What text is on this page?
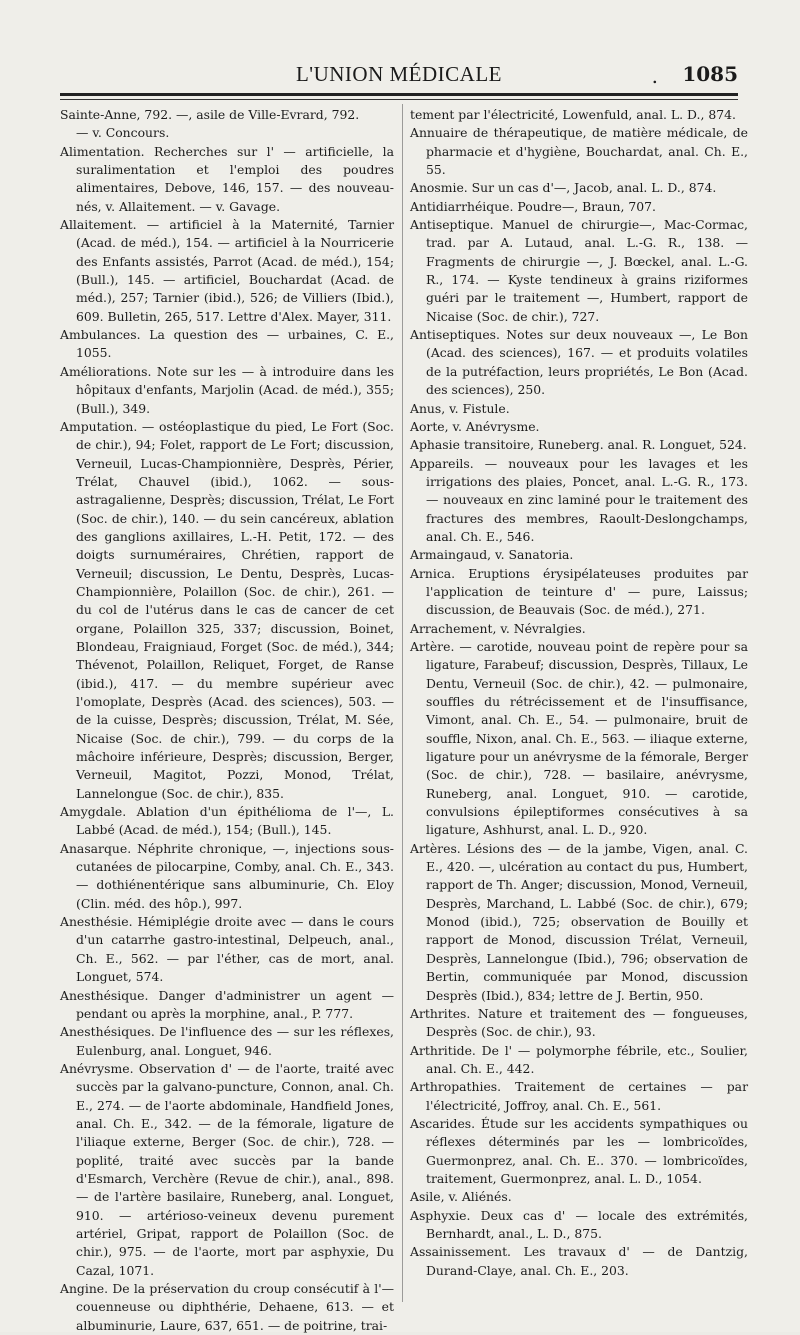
L'UNION MÉDICALE	. 1085
Sainte-Anne, 792. —, asile de Ville-Evrard, 792.
— v. Concours.
Alimentation. Recherches sur l' — artificielle, la suralimentation et l'emploi des poudres alimentaires, Debove, 146, 157. — des nouveau-nés, v. Allaitement. — v. Gavage.
Allaitement. — artificiel à la Maternité, Tarnier (Acad. de méd.), 154. — artificiel à la Nourricerie des Enfants assistés, Parrot (Acad. de méd.), 154; (Bull.), 145. — artificiel, Bouchardat (Acad. de méd.), 257; Tarnier (ibid.), 526; de Villiers (Ibid.), 609. Bulletin, 265, 517. Lettre d'Alex. Mayer, 311.
Ambulances. La question des — urbaines, C. E., 1055.
Améliorations. Note sur les — à introduire dans les hôpitaux d'enfants, Marjolin (Acad. de méd.), 355; (Bull.), 349.
Amputation. — ostéoplastique du pied, Le Fort (Soc. de chir.), 94; Folet, rapport de Le Fort; discussion, Verneuil, Lucas-Championnière, Desprès, Périer, Trélat, Chauvel (ibid.), 1062. — sous-astragalienne, Desprès; discussion, Trélat, Le Fort (Soc. de chir.), 140. — du sein cancéreux, ablation des ganglions axillaires, L.-H. Petit, 172. — des doigts surnuméraires, Chrétien, rapport de Verneuil; discussion, Le Dentu, Desprès, Lucas-Championnière, Polaillon (Soc. de chir.), 261. — du col de l'utérus dans le cas de cancer de cet organe, Polaillon 325, 337; discussion, Boinet, Blondeau, Fraigniaud, Forget (Soc. de méd.), 344; Thévenot, Polaillon, Reliquet, Forget, de Ranse (ibid.), 417. — du membre supérieur avec l'omoplate, Desprès (Acad. des sciences), 503. — de la cuisse, Desprès; discussion, Trélat, M. Sée, Nicaise (Soc. de chir.), 799. — du corps de la mâchoire inférieure, Desprès; discussion, Berger, Verneuil, Magitot, Pozzi, Monod, Trélat, Lannelongue (Soc. de chir.), 835.
Amygdale. Ablation d'un épithélioma de l'—, L. Labbé (Acad. de méd.), 154; (Bull.), 145.
Anasarque. Néphrite chronique, —, injections sous-cutanées de pilocarpine, Comby, anal. Ch. E., 343. — dothiénentérique sans albuminurie, Ch. Eloy (Clin. méd. des hôp.), 997.
Anesthésie. Hémiplégie droite avec — dans le cours d'un catarrhe gastro-intestinal, Delpeuch, anal., Ch. E., 562. — par l'éther, cas de mort, anal. Longuet, 574.
Anesthésique. Danger d'administrer un agent — pendant ou après la morphine, anal., P. 777.
Anesthésiques. De l'influence des — sur les réflexes, Eulenburg, anal. Longuet, 946.
Anévrysme. Observation d' — de l'aorte, traité avec succès par la galvano-puncture, Connon, anal. Ch. E., 274. — de l'aorte abdominale, Handfield Jones, anal. Ch. E., 342. — de la fémorale, ligature de l'iliaque externe, Berger (Soc. de chir.), 728. — poplité, traité avec succès par la bande d'Esmarch, Verchère (Revue de chir.), anal., 898. — de l'artère basilaire, Runeberg, anal. Longuet, 910. — artérioso-veineux devenu purement artériel, Gripat, rapport de Polaillon (Soc. de chir.), 975. — de l'aorte, mort par asphyxie, Du Cazal, 1071.
Angine. De la préservation du croup consécutif à l'—couenneuse ou diphthérie, Dehaene, 613. — et albuminurie, Laure, 637, 651. — de poitrine, trai-
tement par l'électricité, Lowenfuld, anal. L. D., 874.
Annuaire de thérapeutique, de matière médicale, de pharmacie et d'hygiène, Bouchardat, anal. Ch. E., 55.
Anosmie. Sur un cas d'—, Jacob, anal. L. D., 874.
Antidiarrhéique. Poudre—, Braun, 707.
Antiseptique. Manuel de chirurgie—, Mac-Cormac, trad. par A. Lutaud, anal. L.-G. R., 138. — Fragments de chirurgie —, J. Bœckel, anal. L.-G. R., 174. — Kyste tendineux à grains riziformes guéri par le traitement —, Humbert, rapport de Nicaise (Soc. de chir.), 727.
Antiseptiques. Notes sur deux nouveaux —, Le Bon (Acad. des sciences), 167. — et produits volatiles de la putréfaction, leurs propriétés, Le Bon (Acad. des sciences), 250.
Anus, v. Fistule.
Aorte, v. Anévrysme.
Aphasie transitoire, Runeberg. anal. R. Longuet, 524.
Appareils. — nouveaux pour les lavages et les irrigations des plaies, Poncet, anal. L.-G. R., 173. — nouveaux en zinc laminé pour le traitement des fractures des membres, Raoult-Deslongchamps, anal. Ch. E., 546.
Armaingaud, v. Sanatoria.
Arnica. Eruptions érysipélateuses produites par l'application de teinture d' — pure, Laissus; discussion, de Beauvais (Soc. de méd.), 271.
Arrachement, v. Névralgies.
Artère. — carotide, nouveau point de repère pour sa ligature, Farabeuf; discussion, Desprès, Tillaux, Le Dentu, Verneuil (Soc. de chir.), 42. — pulmonaire, souffles du rétrécissement et de l'insuffisance, Vimont, anal. Ch. E., 54. — pulmonaire, bruit de souffle, Nixon, anal. Ch. E., 563. — iliaque externe, ligature pour un anévrysme de la fémorale, Berger (Soc. de chir.), 728. — basilaire, anévrysme, Runeberg, anal. Longuet, 910. — carotide, convulsions épileptiformes consécutives à sa ligature, Ashhurst, anal. L. D., 920.
Artères. Lésions des — de la jambe, Vigen, anal. C. E., 420. —, ulcération au contact du pus, Humbert, rapport de Th. Anger; discussion, Monod, Verneuil, Desprès, Marchand, L. Labbé (Soc. de chir.), 679; Monod (ibid.), 725; observation de Bouilly et rapport de Monod, discussion Trélat, Verneuil, Desprès, Lannelongue (Ibid.), 796; observation de Bertin, communiquée par Monod, discussion Desprès (Ibid.), 834; lettre de J. Bertin, 950.
Arthrites. Nature et traitement des — fongueuses, Desprès (Soc. de chir.), 93.
Arthritide. De l' — polymorphe fébrile, etc., Soulier, anal. Ch. E., 442.
Arthropathies. Traitement de certaines — par l'électricité, Joffroy, anal. Ch. E., 561.
Ascarides. Étude sur les accidents sympathiques ou réflexes déterminés par les — lombricoïdes, Guermonprez, anal. Ch. E.. 370. — lombricoïdes, traitement, Guermonprez, anal. L. D., 1054.
Asile, v. Aliénés.
Asphyxie. Deux cas d' — locale des extrémités, Bernhardt, anal., L. D., 875.
Assainissement. Les travaux d' — de Dantzig, Durand-Claye, anal. Ch. E., 203.
